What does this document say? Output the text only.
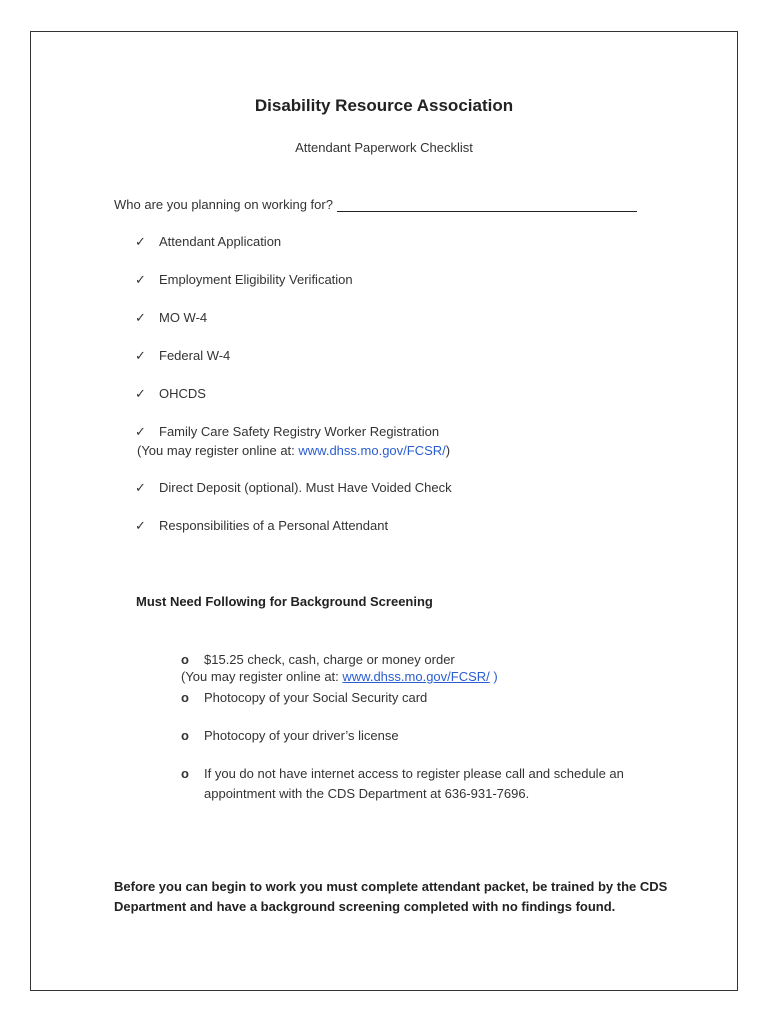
Disability Resource Association
Attendant Paperwork Checklist
Who are you planning on working for?
✓ Attendant Application
✓ Employment Eligibility Verification
✓ MO W-4
✓ Federal W-4
✓ OHCDS
✓ Family Care Safety Registry Worker Registration
(You may register online at: www.dhss.mo.gov/FCSR/)
✓ Direct Deposit (optional). Must Have Voided Check
✓ Responsibilities of a Personal Attendant
Must Need Following for Background Screening
o $15.25 check, cash, charge or money order
(You may register online at: www.dhss.mo.gov/FCSR/ )
o Photocopy of your Social Security card
o Photocopy of your driver’s license
o If you do not have internet access to register please call and schedule an appointment with the CDS Department at 636-931-7696.
Before you can begin to work you must complete attendant packet, be trained by the CDS Department and have a background screening completed with no findings found.
